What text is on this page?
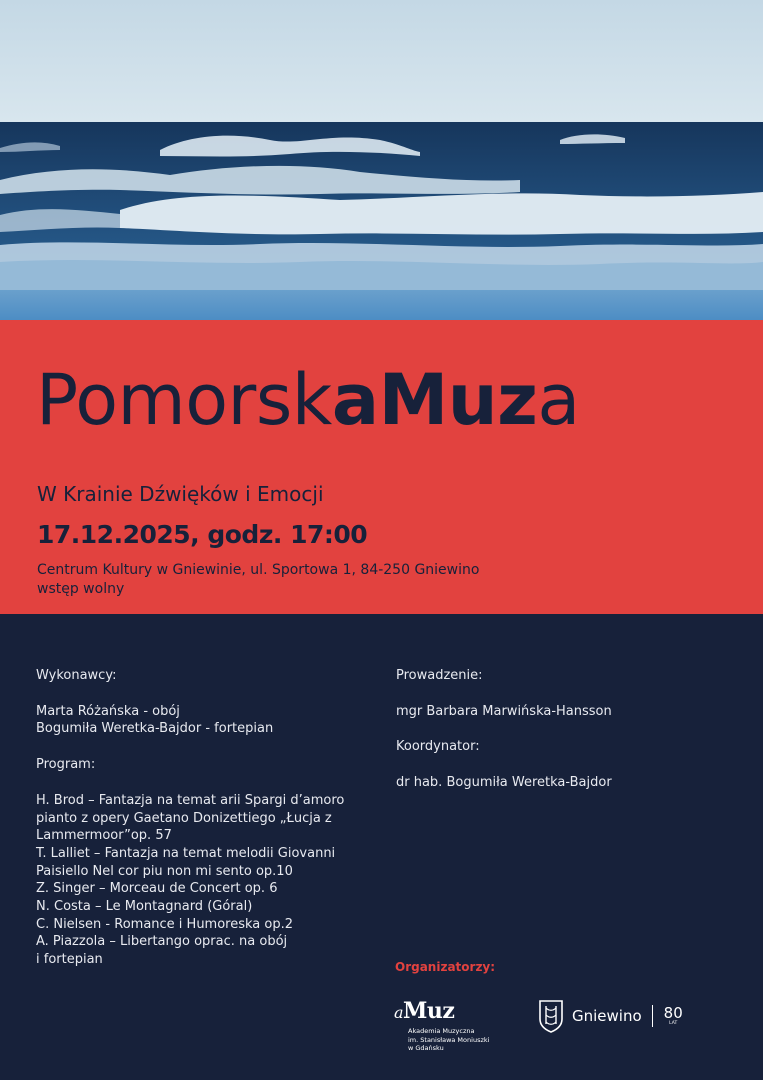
PomorskaMuza
W Krainie Dźwięków i Emocji
17.12.2025, godz. 17:00
Centrum Kultury w Gniewinie, ul. Sportowa 1, 84-250 Gniewino
wstęp wolny

Wykonawcy:

Marta Różańska - obój

Bogumiła Weretka-Bajdor - fortepian

Program:

H. Brod – Fantazja na temat arii Spargi d’amoro

pianto z opery Gaetano Donizettiego „Łucja z

Lammermoor”op. 57

T. Lalliet – Fantazja na temat melodii Giovanni

Paisiello Nel cor piu non mi sento op.10

Z. Singer – Morceau de Concert op. 6

N. Costa – Le Montagnard (Góral)

C. Nielsen - Romance i Humoreska op.2

A. Piazzola – Libertango oprac. na obój

i fortepian

Prowadzenie:

mgr Barbara Marwińska-Hansson

Koordynator:

dr hab. Bogumiła Weretka-Bajdor

Organizatorzy:
aMuz
Akademia Muzyczna
im. Stanisława Moniuszki
w Gdańsku
Gniewino 80
LAT
